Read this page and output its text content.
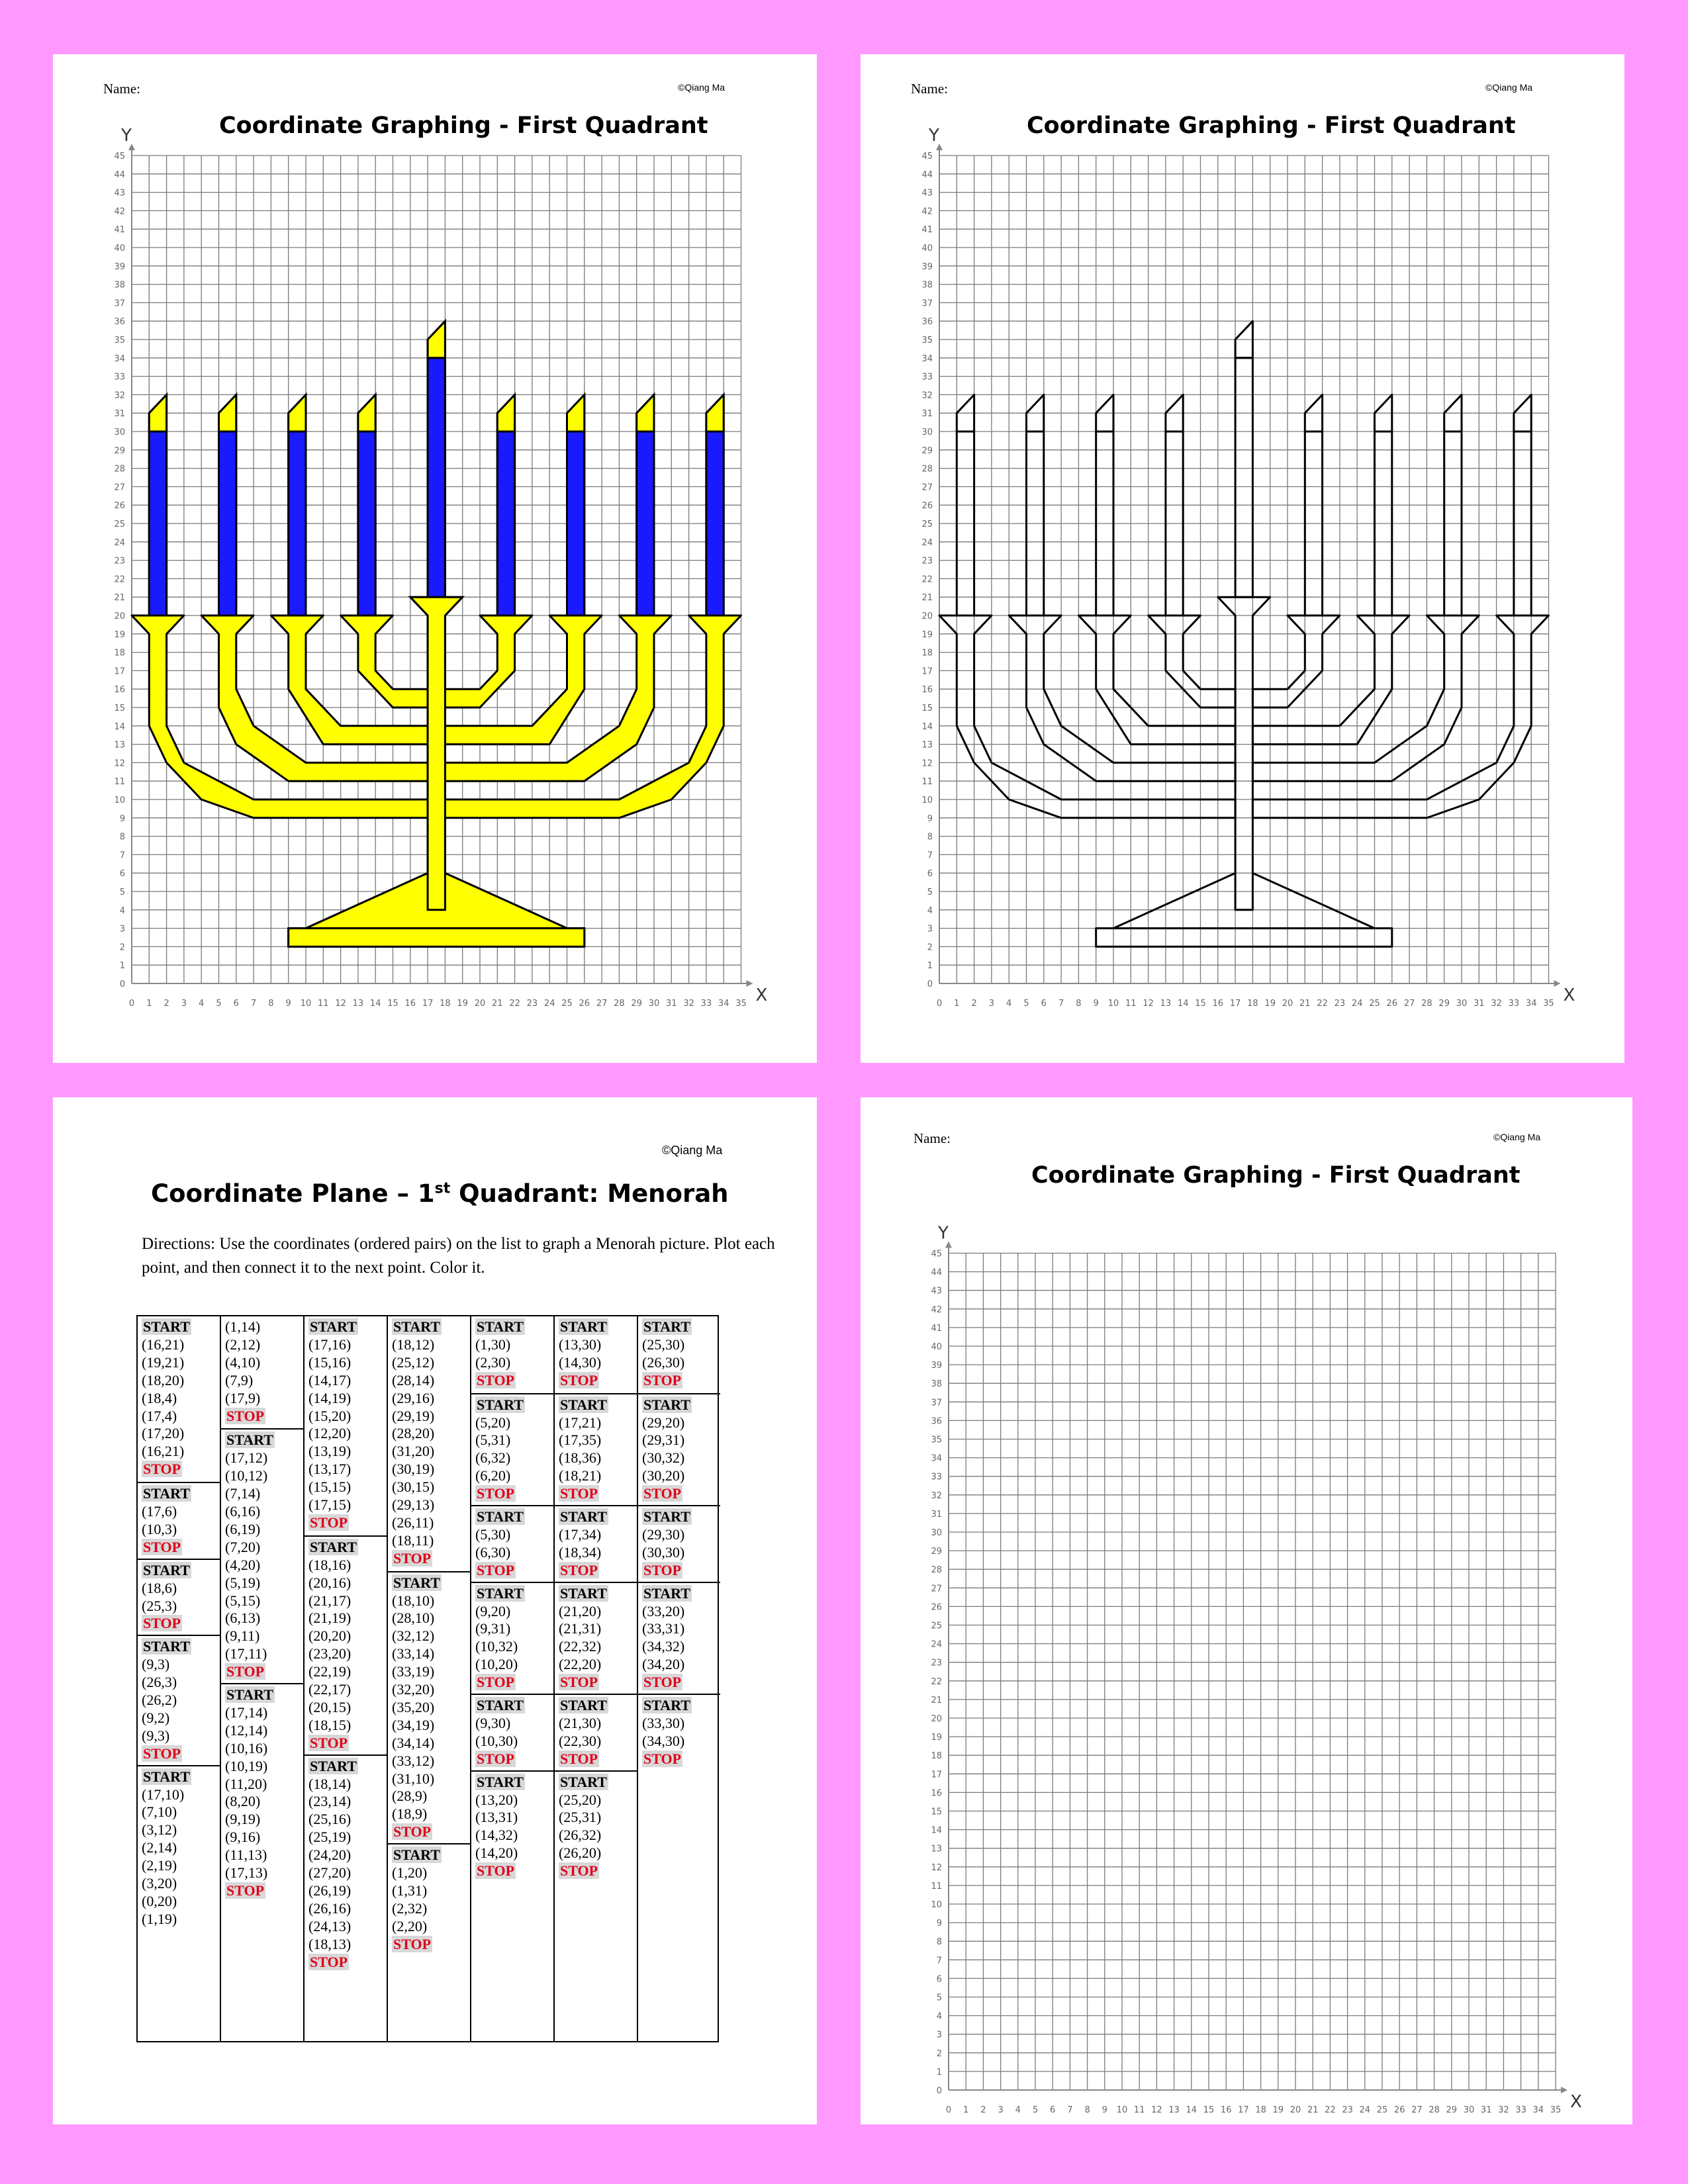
Name:	©Qiang Ma
Coordinate Graphing - First Quadrant
Y
X
0 1 2 3 4 5 6 7 8 9 10 11 12 13 14 15 16 17 18 19 20 21 22 23 24 25 26 27 28 29 30 31 32 33 34 35
0
1
2
3
4
5
6
7
8
9
10
11
12
13
14
15
16
17
18
19
20
21
22
23
24
25
26
27
28
29
30
31
32
33
34
35
36
37
38
39
40
41
42
43
44
45
Name:	©Qiang Ma
Coordinate Graphing - First Quadrant
Y
X
0 1 2 3 4 5 6 7 8 9 10 11 12 13 14 15 16 17 18 19 20 21 22 23 24 25 26 27 28 29 30 31 32 33 34 35
0
1
2
3
4
5
6
7
8
9
10
11
12
13
14
15
16
17
18
19
20
21
22
23
24
25
26
27
28
29
30
31
32
33
34
35
36
37
38
39
40
41
42
43
44
45
©Qiang Ma
Coordinate Plane – 1st Quadrant: Menorah
Directions: Use the coordinates (ordered pairs) on the list to graph a Menorah picture. Plot each point, and then connect it to the next point. Color it.
START
(16,21)
(19,21)
(18,20)
(18,4)
(17,4)
(17,20)
(16,21)
STOP
START
(17,6)
(10,3)
STOP
START
(18,6)
(25,3)
STOP
START
(9,3)
(26,3)
(26,2)
(9,2)
(9,3)
STOP
START
(17,10)
(7,10)
(3,12)
(2,14)
(2,19)
(3,20)
(0,20)
(1,19)
(1,14)
(2,12)
(4,10)
(7,9)
(17,9)
STOP
START
(17,12)
(10,12)
(7,14)
(6,16)
(6,19)
(7,20)
(4,20)
(5,19)
(5,15)
(6,13)
(9,11)
(17,11)
STOP
START
(17,14)
(12,14)
(10,16)
(10,19)
(11,20)
(8,20)
(9,19)
(9,16)
(11,13)
(17,13)
STOP
START
(17,16)
(15,16)
(14,17)
(14,19)
(15,20)
(12,20)
(13,19)
(13,17)
(15,15)
(17,15)
STOP
START
(18,16)
(20,16)
(21,17)
(21,19)
(20,20)
(23,20)
(22,19)
(22,17)
(20,15)
(18,15)
STOP
START
(18,14)
(23,14)
(25,16)
(25,19)
(24,20)
(27,20)
(26,19)
(26,16)
(24,13)
(18,13)
STOP
START
(18,12)
(25,12)
(28,14)
(29,16)
(29,19)
(28,20)
(31,20)
(30,19)
(30,15)
(29,13)
(26,11)
(18,11)
STOP
START
(18,10)
(28,10)
(32,12)
(33,14)
(33,19)
(32,20)
(35,20)
(34,19)
(34,14)
(33,12)
(31,10)
(28,9)
(18,9)
STOP
START
(1,20)
(1,31)
(2,32)
(2,20)
STOP
START
(1,30)
(2,30)
STOP
START
(5,20)
(5,31)
(6,32)
(6,20)
STOP
START
(5,30)
(6,30)
STOP
START
(9,20)
(9,31)
(10,32)
(10,20)
STOP
START
(9,30)
(10,30)
STOP
START
(13,20)
(13,31)
(14,32)
(14,20)
STOP
START
(13,30)
(14,30)
STOP
START
(17,21)
(17,35)
(18,36)
(18,21)
STOP
START
(17,34)
(18,34)
STOP
START
(21,20)
(21,31)
(22,32)
(22,20)
STOP
START
(21,30)
(22,30)
STOP
START
(25,20)
(25,31)
(26,32)
(26,20)
STOP
START
(25,30)
(26,30)
STOP
START
(29,20)
(29,31)
(30,32)
(30,20)
STOP
START
(29,30)
(30,30)
STOP
START
(33,20)
(33,31)
(34,32)
(34,20)
STOP
START
(33,30)
(34,30)
STOP
Name:	©Qiang Ma
Coordinate Graphing - First Quadrant
Y
X
0 1 2 3 4 5 6 7 8 9 10 11 12 13 14 15 16 17 18 19 20 21 22 23 24 25 26 27 28 29 30 31 32 33 34 35
0
1
2
3
4
5
6
7
8
9
10
11
12
13
14
15
16
17
18
19
20
21
22
23
24
25
26
27
28
29
30
31
32
33
34
35
36
37
38
39
40
41
42
43
44
45
